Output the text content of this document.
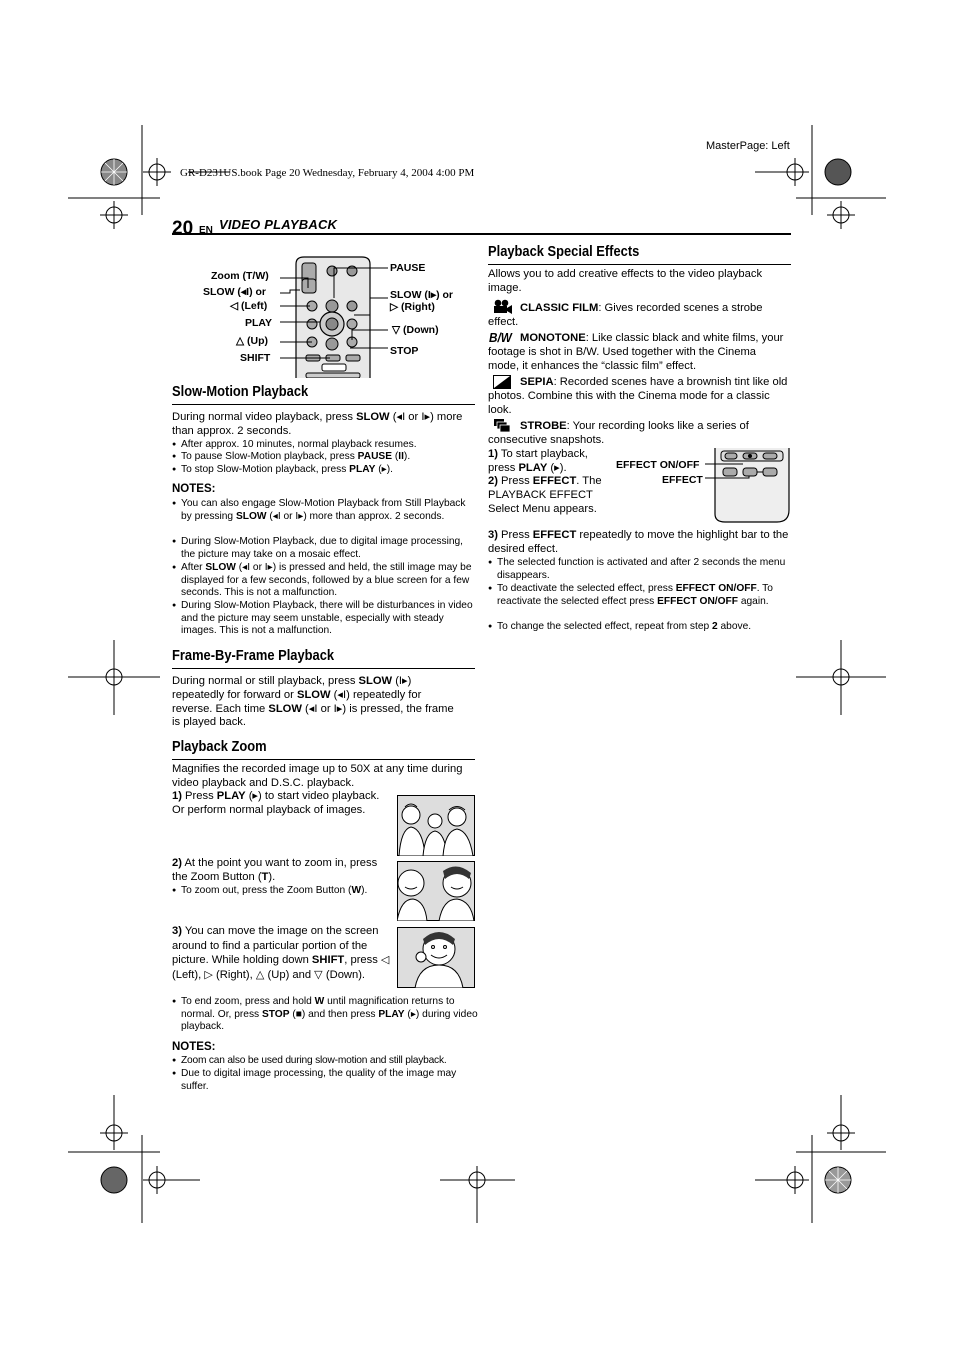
MasterPage: Left
GR-D231US.book Page 20 Wednesday, February 4, 2004 4:00 PM
20 EN VIDEO PLAYBACK
Zoom (T/W)
SLOW (◂I) or
◁ (Left)
PLAY
△ (Up)
SHIFT
PAUSE
SLOW (I▸) or
▷ (Right)
▽ (Down)
STOP
Slow-Motion Playback
During normal video playback, press SLOW (◂I or I▸) more than approx. 2 seconds.
● After approx. 10 minutes, normal playback resumes.
● To pause Slow-Motion playback, press PAUSE (II).
● To stop Slow-Motion playback, press PLAY (▸).
NOTES:
● You can also engage Slow-Motion Playback from Still Playback by pressing SLOW (◂I or I▸) more than approx. 2 seconds.
● During Slow-Motion Playback, due to digital image processing, the picture may take on a mosaic effect.
● After SLOW (◂I or I▸) is pressed and held, the still image may be displayed for a few seconds, followed by a blue screen for a few seconds. This is not a malfunction.
● During Slow-Motion Playback, there will be disturbances in video and the picture may seem unstable, especially with steady images. This is not a malfunction.
Frame-By-Frame Playback
During normal or still playback, press SLOW (I▸) repeatedly for forward or SLOW (◂I) repeatedly for reverse. Each time SLOW (◂I or I▸) is pressed, the frame is played back.
Playback Zoom
Magnifies the recorded image up to 50X at any time during video playback and D.S.C. playback.
1) Press PLAY (▸) to start video playback. Or perform normal playback of images.
2) At the point you want to zoom in, press the Zoom Button (T).
● To zoom out, press the Zoom Button (W).
3) You can move the image on the screen around to find a particular portion of the picture. While holding down SHIFT, press ◁ (Left), ▷ (Right), △ (Up) and ▽ (Down).
● To end zoom, press and hold W until magnification returns to normal. Or, press STOP (■) and then press PLAY (▸) during video playback.
NOTES:
● Zoom can also be used during slow-motion and still playback.
● Due to digital image processing, the quality of the image may suffer.
Playback Special Effects
Allows you to add creative effects to the video playback image.
CLASSIC FILM: Gives recorded scenes a strobe effect.
B/W MONOTONE: Like classic black and white films, your footage is shot in B/W. Used together with the Cinema mode, it enhances the “classic film” effect.
SEPIA: Recorded scenes have a brownish tint like old photos. Combine this with the Cinema mode for a classic look.
STROBE: Your recording looks like a series of consecutive snapshots.
1) To start playback, press PLAY (▸).
2) Press EFFECT. The PLAYBACK EFFECT Select Menu appears.
EFFECT ON/OFF
EFFECT
3) Press EFFECT repeatedly to move the highlight bar to the desired effect.
● The selected function is activated and after 2 seconds the menu disappears.
● To deactivate the selected effect, press EFFECT ON/OFF. To reactivate the selected effect press EFFECT ON/OFF again.
● To change the selected effect, repeat from step 2 above.
